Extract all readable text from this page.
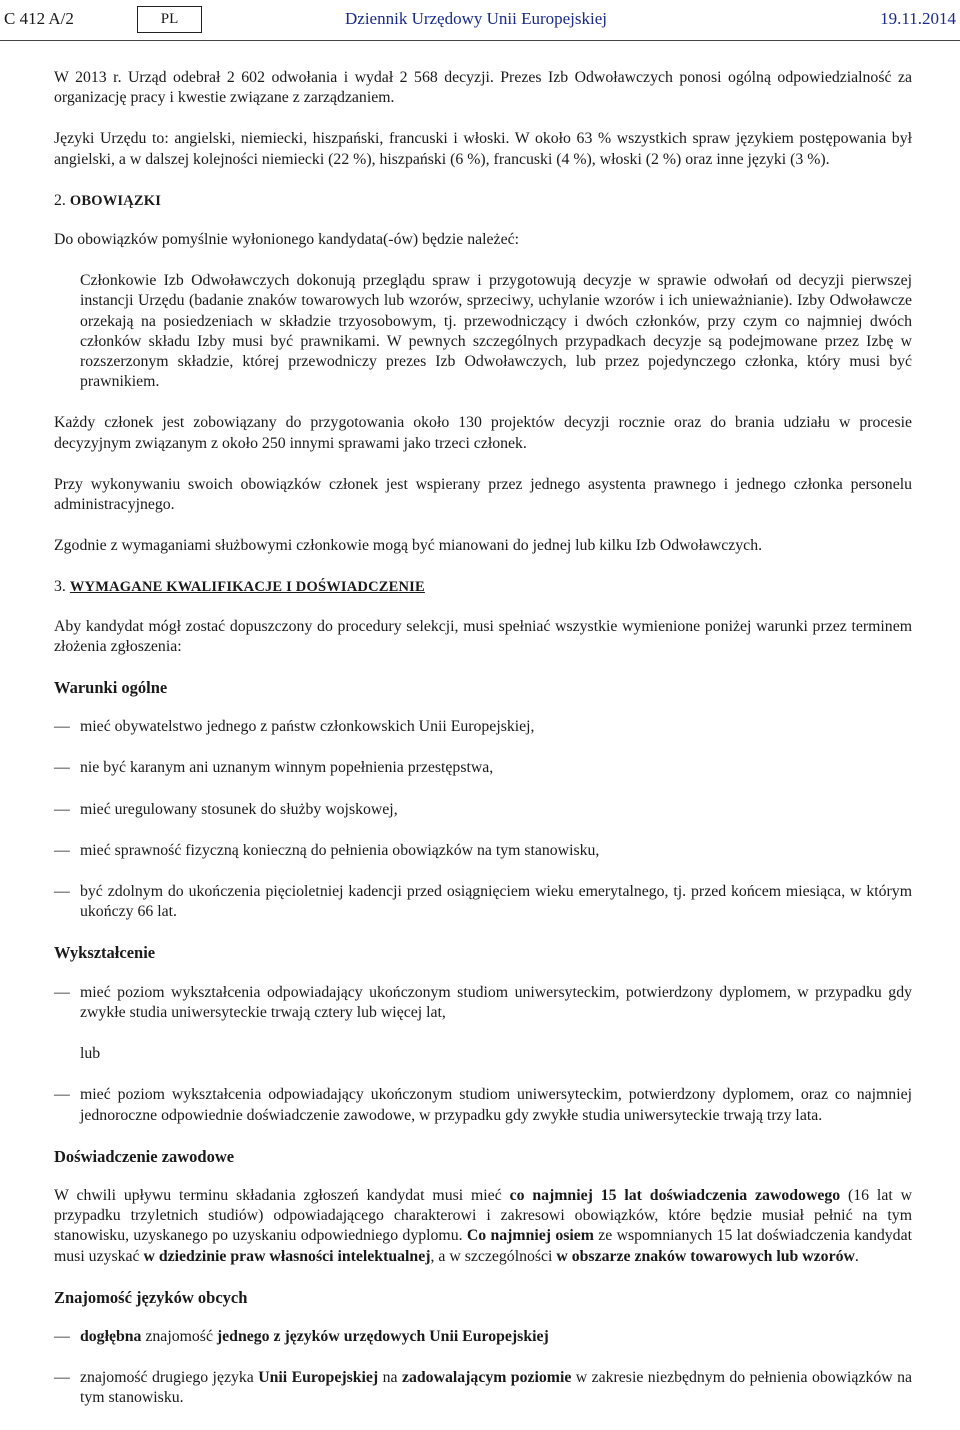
C 412 A/2	PL	Dziennik Urzędowy Unii Europejskiej	19.11.2014

W 2013 r. Urząd odebrał 2 602 odwołania i wydał 2 568 decyzji. Prezes Izb Odwoławczych ponosi ogólną odpowiedzialność za organizację pracy i kwestie związane z zarządzaniem.

Języki Urzędu to: angielski, niemiecki, hiszpański, francuski i włoski. W około 63 % wszystkich spraw językiem postępowania był angielski, a w dalszej kolejności niemiecki (22 %), hiszpański (6 %), francuski (4 %), włoski (2 %) oraz inne języki (3 %).

2. OBOWIĄZKI

Do obowiązków pomyślnie wyłonionego kandydata(-ów) będzie należeć:

Członkowie Izb Odwoławczych dokonują przeglądu spraw i przygotowują decyzje w sprawie odwołań od decyzji pierwszej instancji Urzędu (badanie znaków towarowych lub wzorów, sprzeciwy, uchylanie wzorów i ich unieważnianie). Izby Odwoławcze orzekają na posiedzeniach w składzie trzyosobowym, tj. przewodniczący i dwóch członków, przy czym co najmniej dwóch członków składu Izby musi być prawnikami. W pewnych szczególnych przypadkach decyzje są podejmowane przez Izbę w rozszerzonym składzie, której przewodniczy prezes Izb Odwoławczych, lub przez pojedynczego członka, który musi być prawnikiem.

Każdy członek jest zobowiązany do przygotowania około 130 projektów decyzji rocznie oraz do brania udziału w procesie decyzyjnym związanym z około 250 innymi sprawami jako trzeci członek.

Przy wykonywaniu swoich obowiązków członek jest wspierany przez jednego asystenta prawnego i jednego członka personelu administracyjnego.

Zgodnie z wymaganiami służbowymi członkowie mogą być mianowani do jednej lub kilku Izb Odwoławczych.

3. WYMAGANE KWALIFIKACJE I DOŚWIADCZENIE

Aby kandydat mógł zostać dopuszczony do procedury selekcji, musi spełniać wszystkie wymienione poniżej warunki przez terminem złożenia zgłoszenia:

Warunki ogólne
— mieć obywatelstwo jednego z państw członkowskich Unii Europejskiej,
— nie być karanym ani uznanym winnym popełnienia przestępstwa,
— mieć uregulowany stosunek do służby wojskowej,
— mieć sprawność fizyczną konieczną do pełnienia obowiązków na tym stanowisku,
— być zdolnym do ukończenia pięcioletniej kadencji przed osiągnięciem wieku emerytalnego, tj. przed końcem miesiąca, w którym ukończy 66 lat.
Wykształcenie
— mieć poziom wykształcenia odpowiadający ukończonym studiom uniwersyteckim, potwierdzony dyplomem, w przypadku gdy zwykłe studia uniwersyteckie trwają cztery lub więcej lat,
lub
— mieć poziom wykształcenia odpowiadający ukończonym studiom uniwersyteckim, potwierdzony dyplomem, oraz co najmniej jednoroczne odpowiednie doświadczenie zawodowe, w przypadku gdy zwykłe studia uniwersyteckie trwają trzy lata.
Doświadczenie zawodowe

W chwili upływu terminu składania zgłoszeń kandydat musi mieć co najmniej 15 lat doświadczenia zawodowego (16 lat w przypadku trzyletnich studiów) odpowiadającego charakterowi i zakresowi obowiązków, które będzie musiał pełnić na tym stanowisku, uzyskanego po uzyskaniu odpowiedniego dyplomu. Co najmniej osiem ze wspomnianych 15 lat doświadczenia kandydat musi uzyskać w dziedzinie praw własności intelektualnej, a w szczególności w obszarze znaków towarowych lub wzorów.

Znajomość języków obcych
— dogłębna znajomość jednego z języków urzędowych Unii Europejskiej
— znajomość drugiego języka Unii Europejskiej na zadowalającym poziomie w zakresie niezbędnym do pełnienia obowiązków na tym stanowisku.
